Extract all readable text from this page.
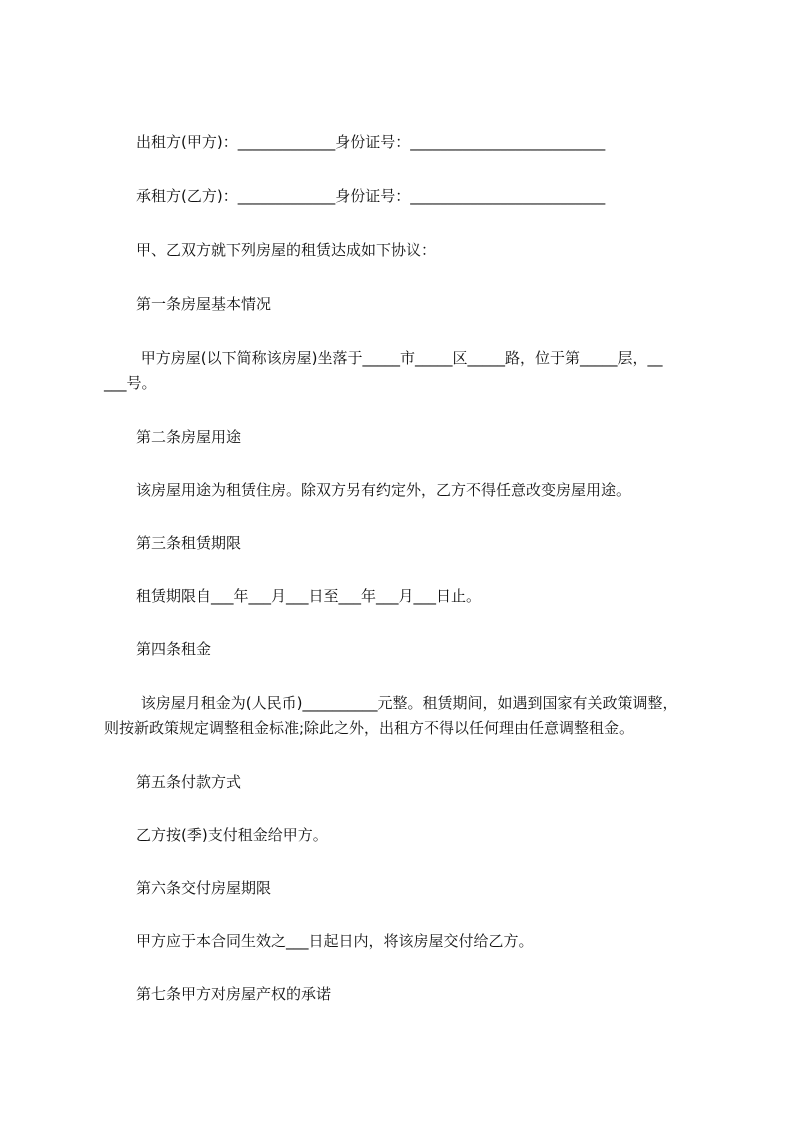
出租方(甲方)：_____________身份证号：__________________________

承租方(乙方)：_____________身份证号：__________________________

甲、乙双方就下列房屋的租赁达成如下协议：

第一条房屋基本情况

甲方房屋(以下简称该房屋)坐落于_____市_____区_____路，位于第_____层，__

___号。

第二条房屋用途

该房屋用途为租赁住房。除双方另有约定外，乙方不得任意改变房屋用途。

第三条租赁期限

租赁期限自___年___月___日至___年___月___日止。

第四条租金

该房屋月租金为(人民币)__________元整。租赁期间，如遇到国家有关政策调整，

则按新政策规定调整租金标准;除此之外，出租方不得以任何理由任意调整租金。

第五条付款方式

乙方按(季)支付租金给甲方。

第六条交付房屋期限

甲方应于本合同生效之___日起日内，将该房屋交付给乙方。

第七条甲方对房屋产权的承诺
